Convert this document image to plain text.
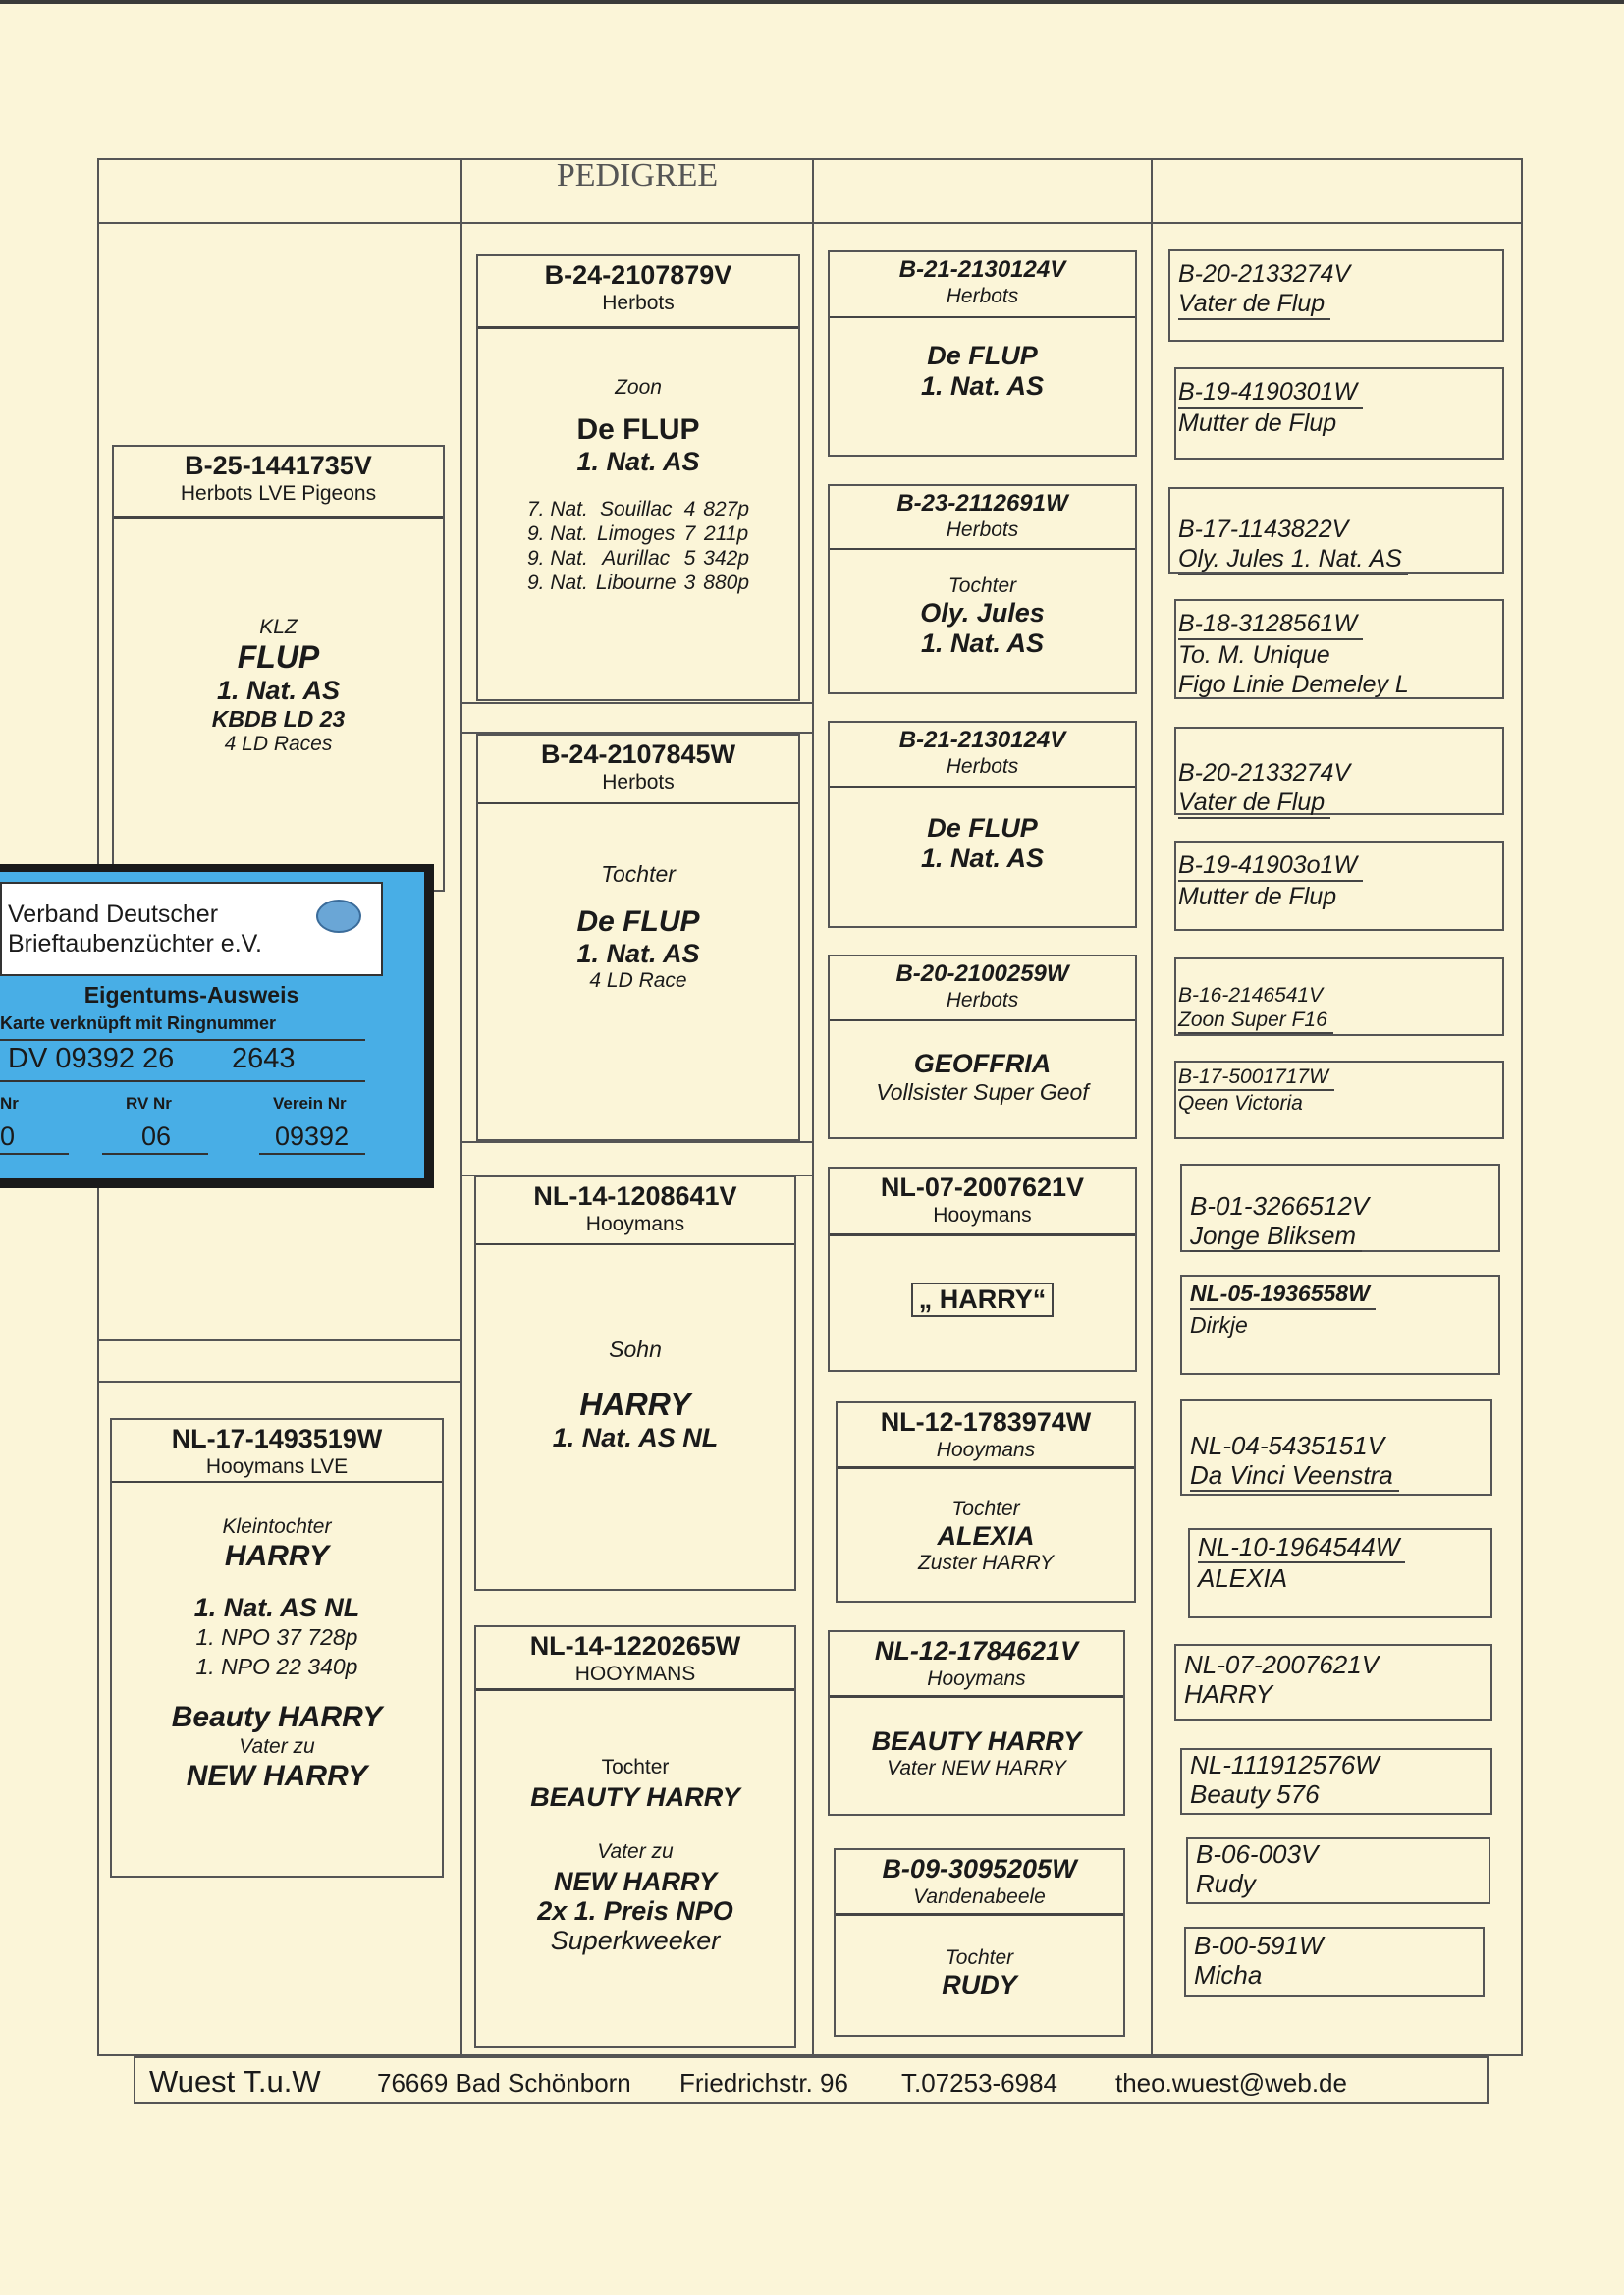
PEDIGREE
B-25-1441735V
Herbots LVE Pigeons
KLZ
FLUP
1. Nat. AS
KBDB LD 23
4 LD Races
NL-17-1493519W
Hooymans LVE
Kleintochter
HARRY
1. Nat. AS NL
1. NPO 37 728p
1. NPO 22 340p
Beauty HARRY
Vater zu
NEW HARRY
B-24-2107879V
Herbots
Zoon
De FLUP
1. Nat. AS
7. Nat.	Souillac	4	827p
9. Nat.	Limoges	7	211p
9. Nat.	Aurillac	5	342p
9. Nat.	Libourne	3	880p
B-24-2107845W
Herbots
Tochter
De FLUP
1. Nat. AS
4 LD Race
NL-14-1208641V
Hooymans
Sohn
HARRY
1. Nat. AS NL
NL-14-1220265W
HOOYMANS
Tochter
BEAUTY HARRY
Vater zu
NEW HARRY
2x 1. Preis NPO
Superkweeker
B-21-2130124V
Herbots
De FLUP
1. Nat. AS
B-23-2112691W
Herbots
Tochter
Oly. Jules
1. Nat. AS
B-21-2130124V
Herbots
De FLUP
1. Nat. AS
B-20-2100259W
Herbots
GEOFFRIA
Vollsister Super Geof
NL-07-2007621V
Hooymans
„ HARRY“
NL-12-1783974W
Hooymans
Tochter
ALEXIA
Zuster HARRY
NL-12-1784621V
Hooymans
BEAUTY HARRY
Vater NEW HARRY
B-09-3095205W
Vandenabeele
Tochter
RUDY
B-20-2133274V
Vater de Flup
B-19-4190301W
Mutter de Flup
B-17-1143822V
Oly. Jules 1. Nat. AS
B-18-3128561W
To. M. Unique
Figo Linie Demeley L
B-20-2133274V
Vater de Flup
B-19-41903o1W
Mutter de Flup
B-16-2146541V
Zoon Super F16
B-17-5001717W
Qeen Victoria
B-01-3266512V
Jonge Bliksem
NL-05-1936558W
Dirkje
NL-04-5435151V
Da Vinci Veenstra
NL-10-1964544W
ALEXIA
NL-07-2007621V
HARRY
NL-111912576W
Beauty 576
B-06-003V
Rudy
B-00-591W
Micha
Verband Deutscher
Brieftaubenzüchter e.V.
Eigentums-Ausweis
Karte verknüpft mit Ringnummer
DV 09392 26 2643
Nr	RV Nr	Verein Nr
0	06	09392
Wuest T.u.W 76669 Bad Schönborn Friedrichstr. 96 T.07253-6984 theo.wuest@web.de
